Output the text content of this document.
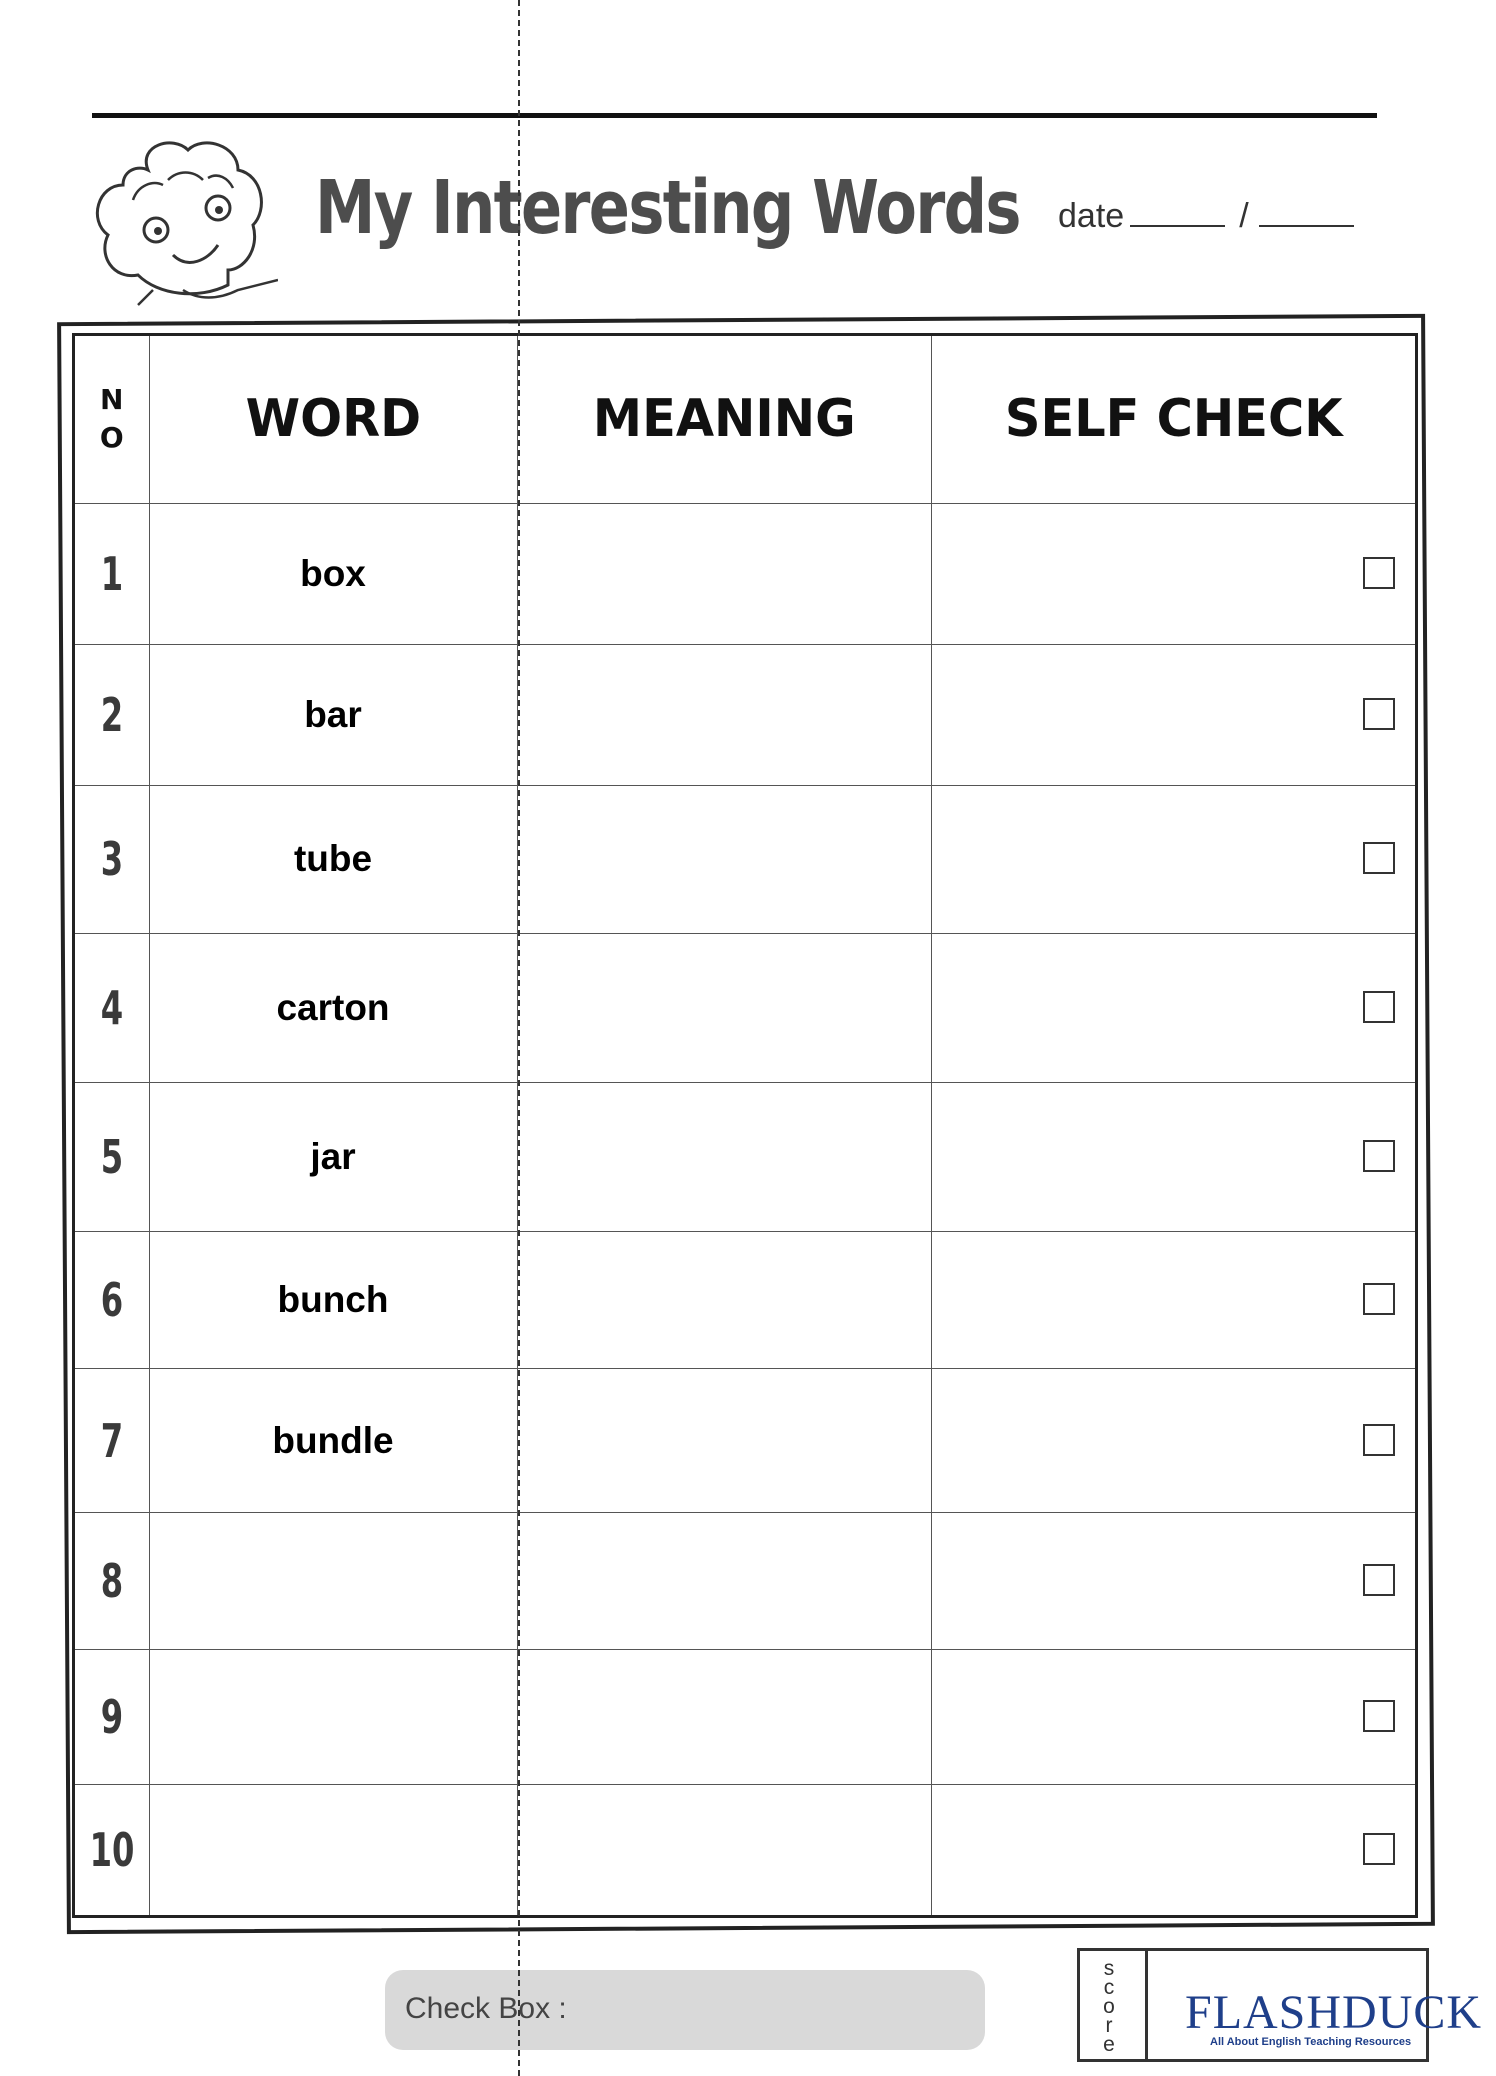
My Interesting Words date	/
NO	WORD	MEANING	SELF CHECK
1	box		

2	bar		

3	tube		

4	carton		

5	jar		

6	bunch		

7	bundle		

8			

9			

10			
Check Box :
score
FLASHDUCK
All About English Teaching Resources
